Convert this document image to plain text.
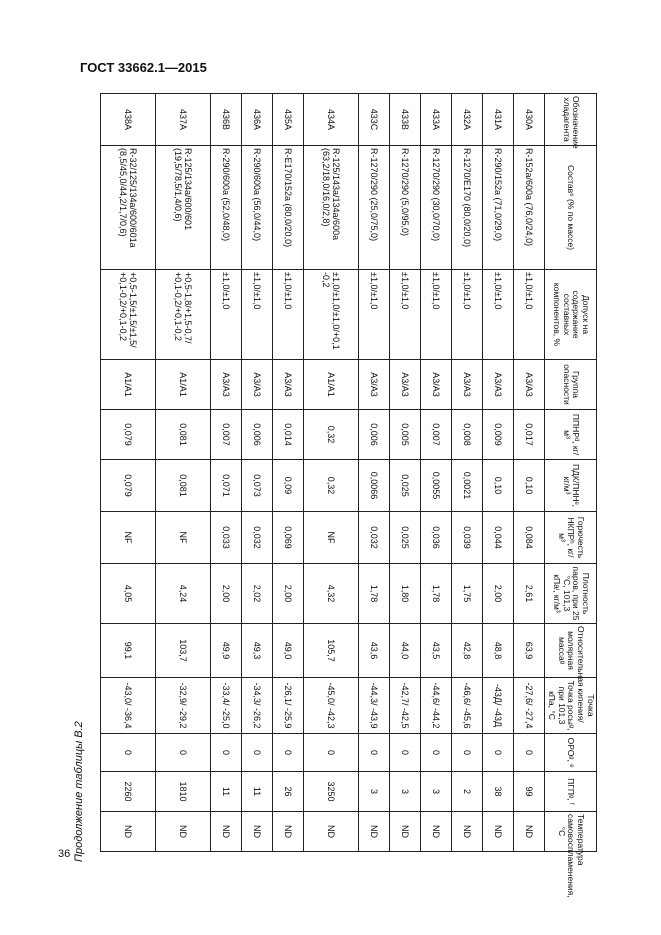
ГОСТ 33662.1—2015
Обозначение хладагента	Состав⁶ (% по массе)	Допуск на содержание составных компонентов, %	Группа опасности	ППНРᵈ, кг/м³	ПДК/ПННᵉ, кг/м³	Горючесть НКПРʰ, кг/м³	Плотность паров, при 25 °С, 101,3 кПаᶦ, кг/м³	Относительная молярная массаᵍ	Точка кипения/Точка росыᵍ, при 101,3 кПа, °С	ОРОᵍ, ᵉ	ПГПᵍ, ᶠ	Температура самовоспламенения, °С
430A	R-152a/600a (76,0/24,0)	±1,0/±1,0	A3/A3	0,017	0,10	0,084	2,61	63,9	-27,6/ -27,4	0	99	ND
431A	R-290/152a (71,0/29,0)	±1,0/±1,0	A3/A3	0,009	0,10	0,044	2,00	48,8	-43Д/ -43Д	0	38	ND
432A	R-1270/E170 (80,0/20,0)	±1,0/±1,0	A3/A3	0,008	0,0021	0,039	1,75	42,8	-46,6/ -45,6	0	2	ND
433A	R-1270/290 (30,0/70,0)	±1,0/±1,0	A3/A3	0,007	0,0055	0,036	1,78	43,5	-44,6/ -44,2	0	3	ND
433B	R-1270/290 (5,0/95,0)	±1,0/±1,0	A3/A3	0,005	0,025	0,025	1,80	44,0	-42,7/ -42,5	0	3	ND
433C	R-1270/290 (25,0/75,0)	±1,0/±1,0	A3/A3	0,006	0,0066	0,032	1,78	43,6	-44,3/ -43,9	0	3	ND
434A	R-125/143a/134a/600a (63,2/18,0/16,0/2,8)	±1,0/±1,0/±1,0/+0,1 -0,2	A1/A1	0,32	0,32	NF	4,32	105,7	-45,0/ -42,3	0	3250	ND
435A	R-E170/152a (80,0/20,0)	±1,0/±1,0	A3/A3	0,014	0,09	0,069	2,00	49,0	-26,1/ -25,9	0	26	ND
436A	R-290/600a (56,0/44,0)	±1,0/±1,0	A3/A3	0,006	0,073	0,032	2,02	49,3	-34,3/ -26,2	0	11	ND
436B	R-290/600a (52,0/48,0)	±1,0/±1,0	A3/A3	0,007	0,071	0,033	2,00	49,9	-33,4/ -25,0	0	11	ND
437A	R-125/134a/600/601 (19,5/78,5/1,4/0,6)	+0,5-1,8/+1,5-0,7/ +0,1-0,2/+0,1-0,2	A1/A1	0,081	0,081	NF	4,24	103,7	-32,9/ -29,2	0	1810	ND
438A	R-32/125/134a/600/601a (8,5/45,0/44,2/1,7/0,6)	+0,5-1,5/±1,5/±1,5/ +0,1-0,2/+0,1-0,2	A1/A1	0,079	0,079	NF	4,05	99,1	-43,0/ -36,4	0	2260	ND
Продолжение таблицы В.2
36
